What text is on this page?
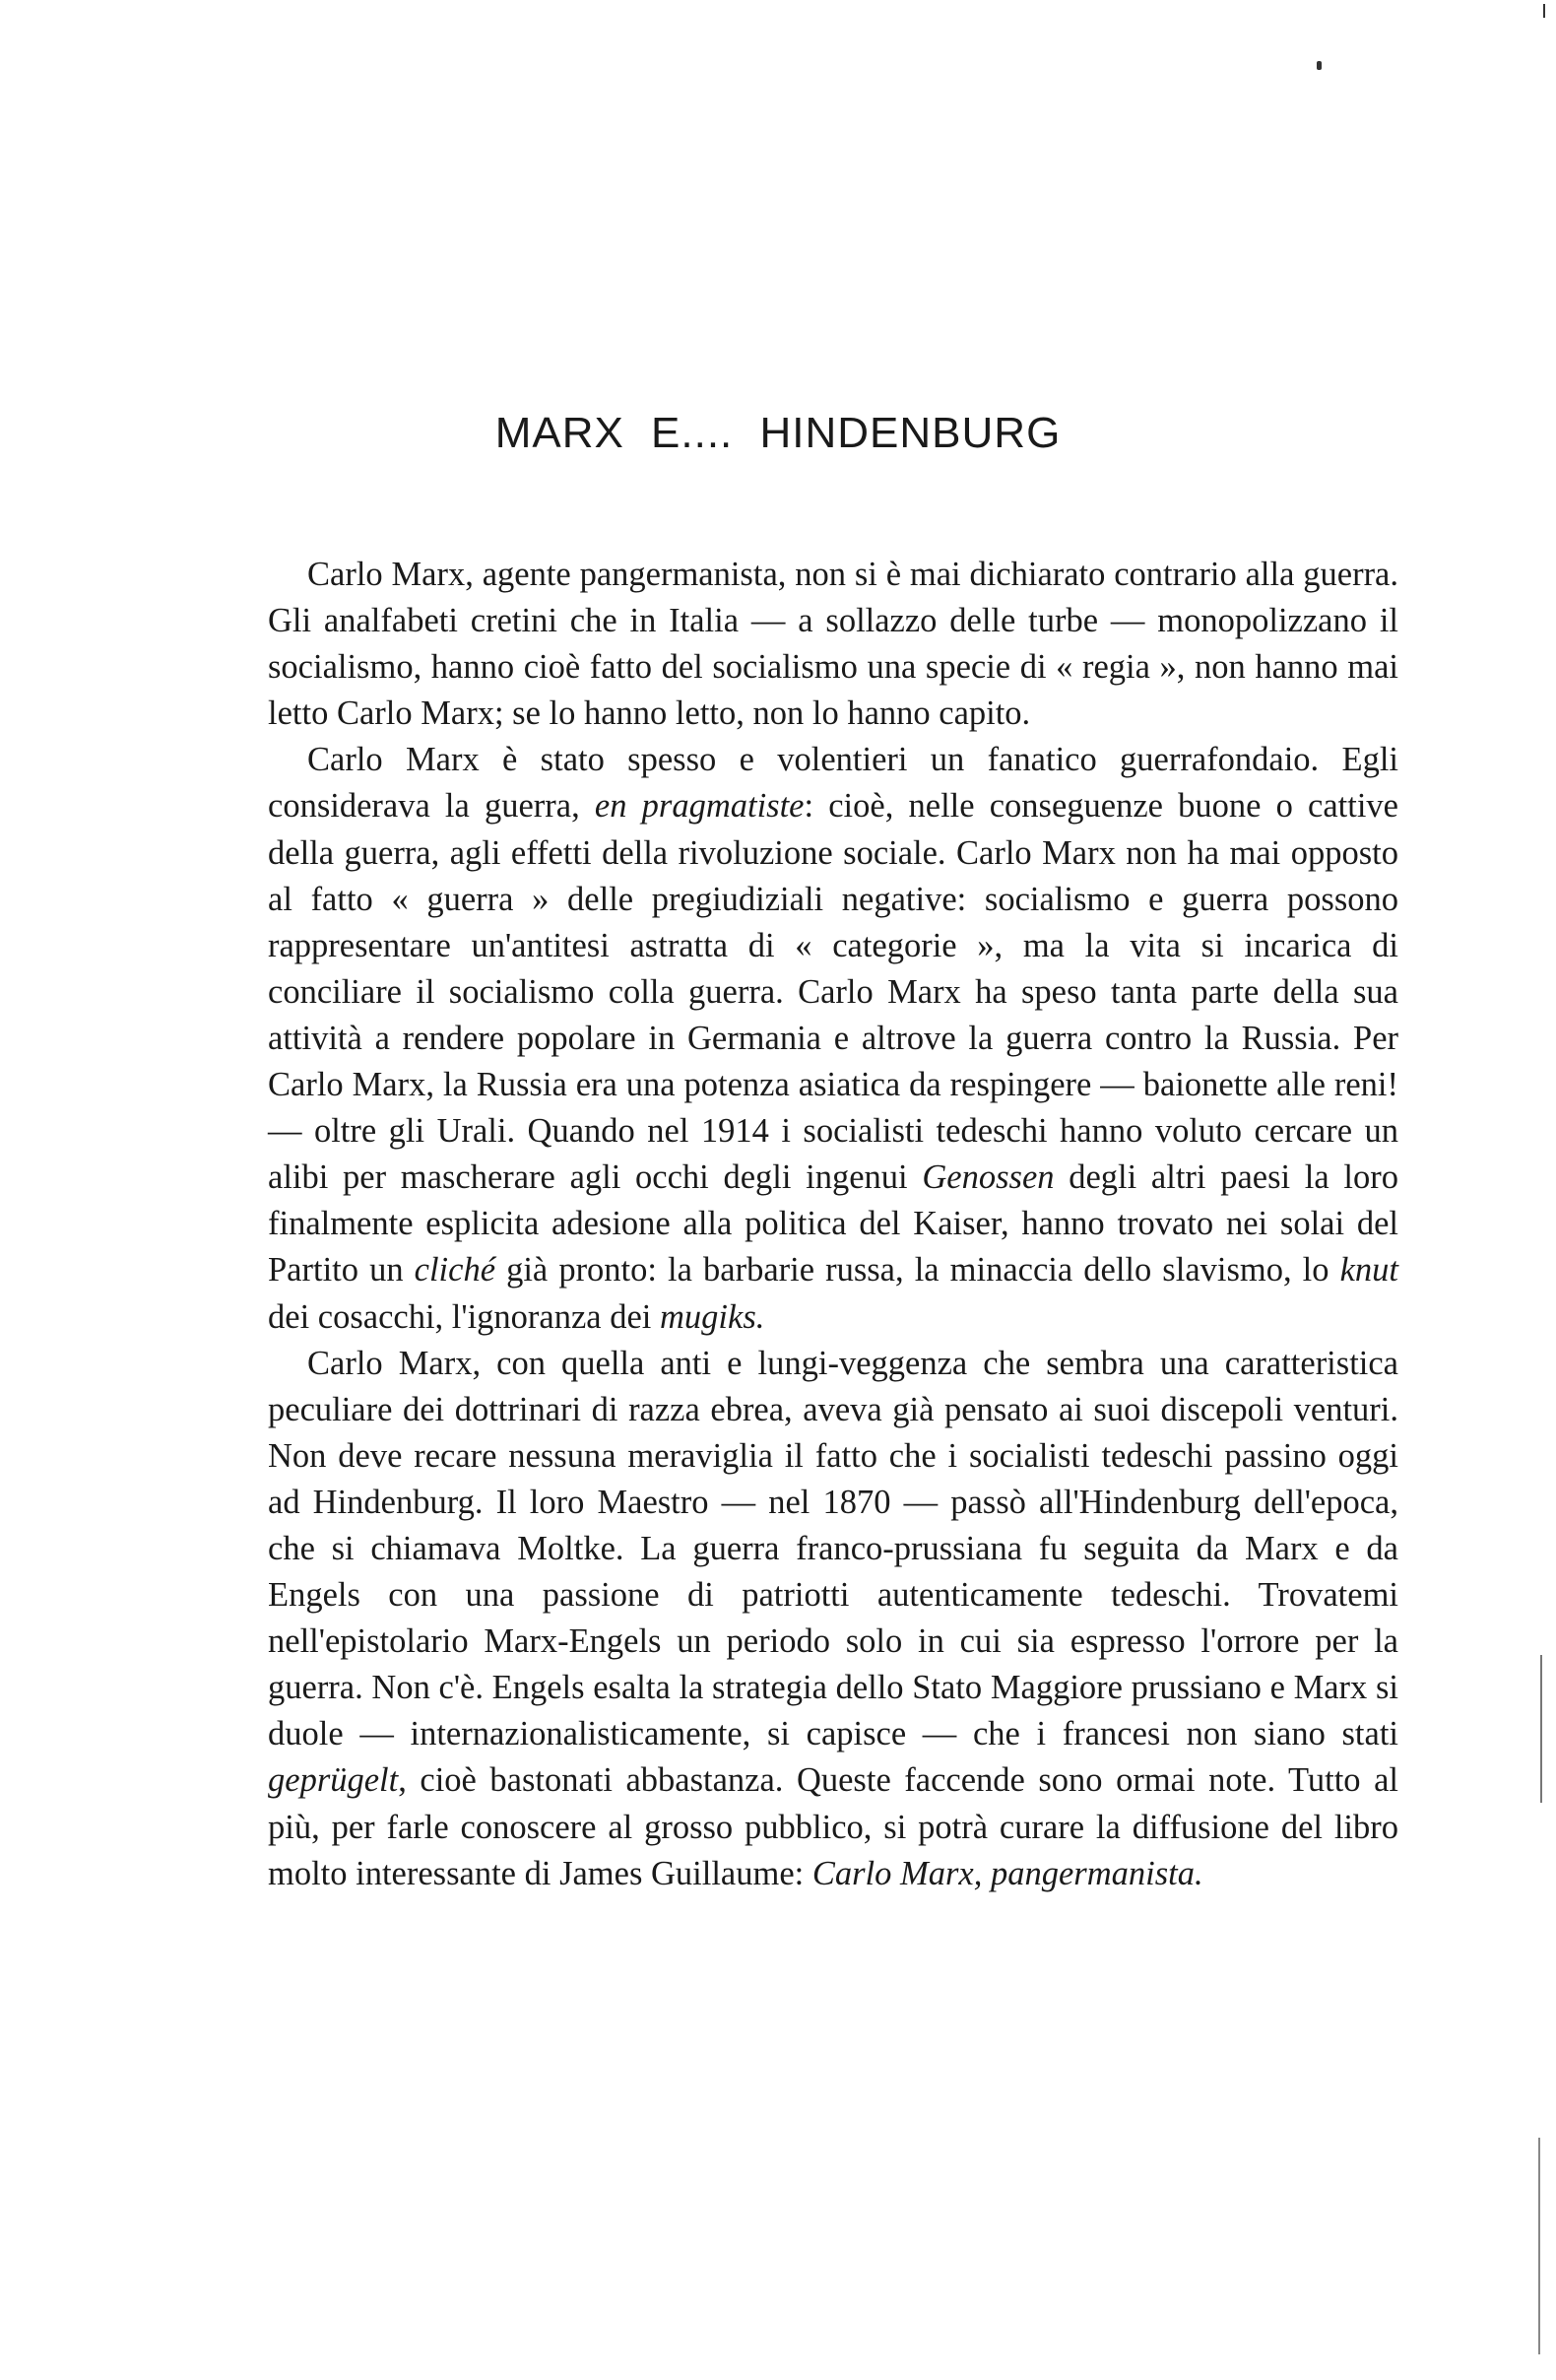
MARX E.... HINDENBURG

Carlo Marx, agente pangermanista, non si è mai dichiarato contrario alla guerra. Gli analfabeti cretini che in Italia — a sollazzo delle turbe — monopolizzano il socialismo, hanno cioè fatto del socialismo una specie di « regia », non hanno mai letto Carlo Marx; se lo hanno letto, non lo hanno capito.

Carlo Marx è stato spesso e volentieri un fanatico guerrafondaio. Egli considerava la guerra, en pragmatiste: cioè, nelle conseguenze buone o cattive della guerra, agli effetti della rivoluzione sociale. Carlo Marx non ha mai opposto al fatto « guerra » delle pregiudiziali negative: socialismo e guerra possono rappresentare un'antitesi astratta di « categorie », ma la vita si incarica di conciliare il socialismo colla guerra. Carlo Marx ha speso tanta parte della sua attività a rendere popolare in Germania e altrove la guerra contro la Russia. Per Carlo Marx, la Russia era una potenza asiatica da respingere — baionette alle reni! — oltre gli Urali. Quando nel 1914 i socialisti tedeschi hanno voluto cercare un alibi per mascherare agli occhi degli ingenui Genossen degli altri paesi la loro finalmente esplicita adesione alla politica del Kaiser, hanno trovato nei solai del Partito un cliché già pronto: la barbarie russa, la minaccia dello slavismo, lo knut dei cosacchi, l'ignoranza dei mugiks.

Carlo Marx, con quella anti e lungi-veggenza che sembra una caratteristica peculiare dei dottrinari di razza ebrea, aveva già pensato ai suoi discepoli venturi. Non deve recare nessuna meraviglia il fatto che i socialisti tedeschi passino oggi ad Hindenburg. Il loro Maestro — nel 1870 — passò all'Hindenburg dell'epoca, che si chiamava Moltke. La guerra franco-prussiana fu seguita da Marx e da Engels con una passione di patriotti autenticamente tedeschi. Trovatemi nell'epistolario Marx-Engels un periodo solo in cui sia espresso l'orrore per la guerra. Non c'è. Engels esalta la strategia dello Stato Maggiore prussiano e Marx si duole — internazionalisticamente, si capisce — che i francesi non siano stati geprügelt, cioè bastonati abbastanza. Queste faccende sono ormai note. Tutto al più, per farle conoscere al grosso pubblico, si potrà curare la diffusione del libro molto interessante di James Guillaume: Carlo Marx, pangermanista.
